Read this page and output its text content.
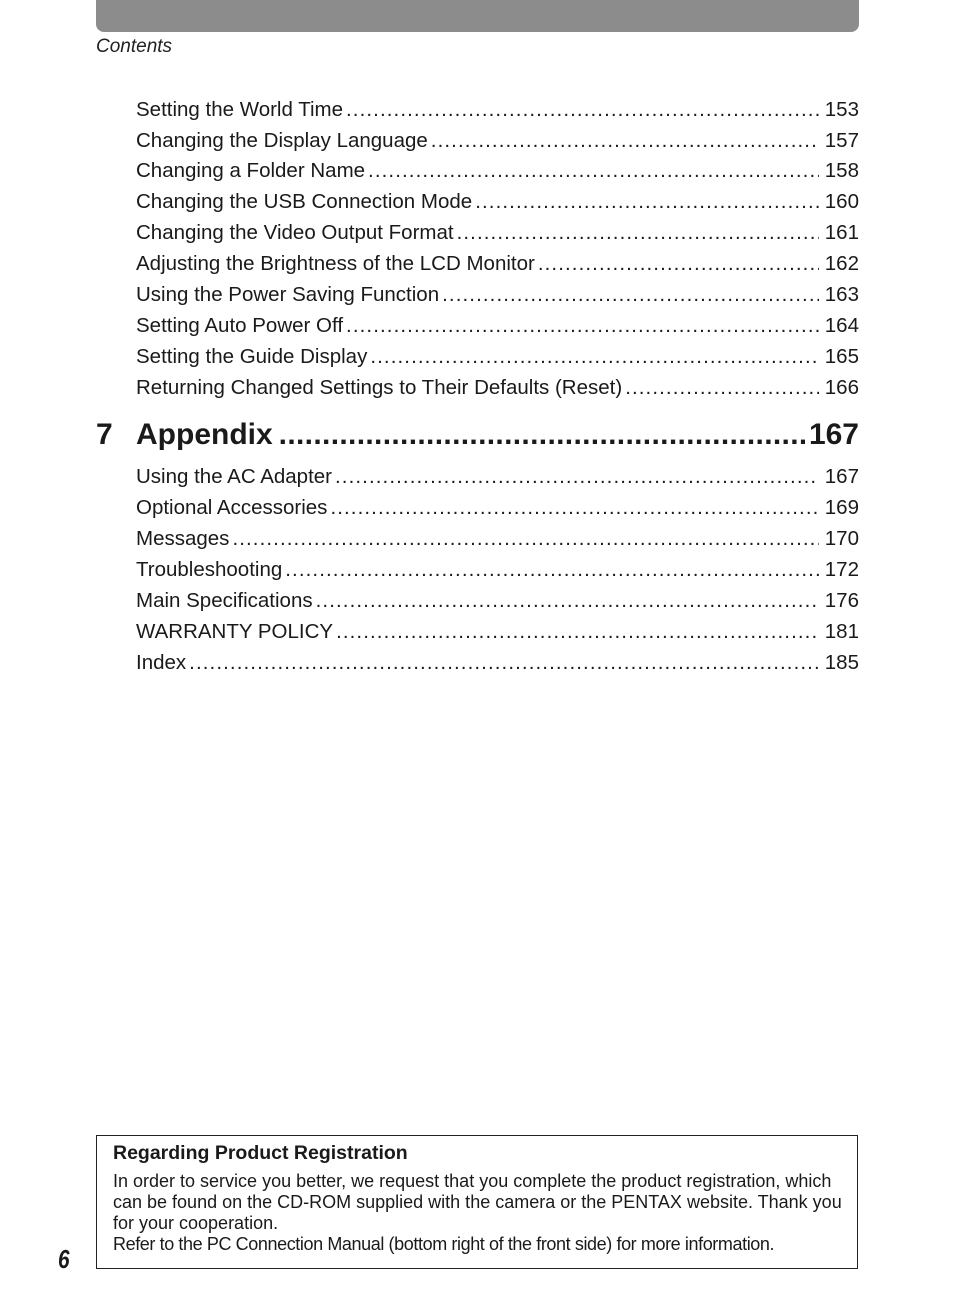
Contents
Setting the World Time . . .	153
Changing the Display Language . . .	157
Changing a Folder Name . . .	158
Changing the USB Connection Mode . . .	160
Changing the Video Output Format . . .	161
Adjusting the Brightness of the LCD Monitor . . .	162
Using the Power Saving Function . . .	163
Setting Auto Power Off . . .	164
Setting the Guide Display . . .	165
Returning Changed Settings to Their Defaults (Reset) . . .	166
7 Appendix . . .	167
Using the AC Adapter . . .	167
Optional Accessories . . .	169
Messages . . .	170
Troubleshooting . . .	172
Main Specifications . . .	176
WARRANTY POLICY . . .	181
Index . . .	185

Regarding Product Registration

In order to service you better, we request that you complete the product registration, which can be found on the CD-ROM supplied with the camera or the PENTAX website. Thank you for your cooperation.

Refer to the PC Connection Manual (bottom right of the front side) for more information.

6
